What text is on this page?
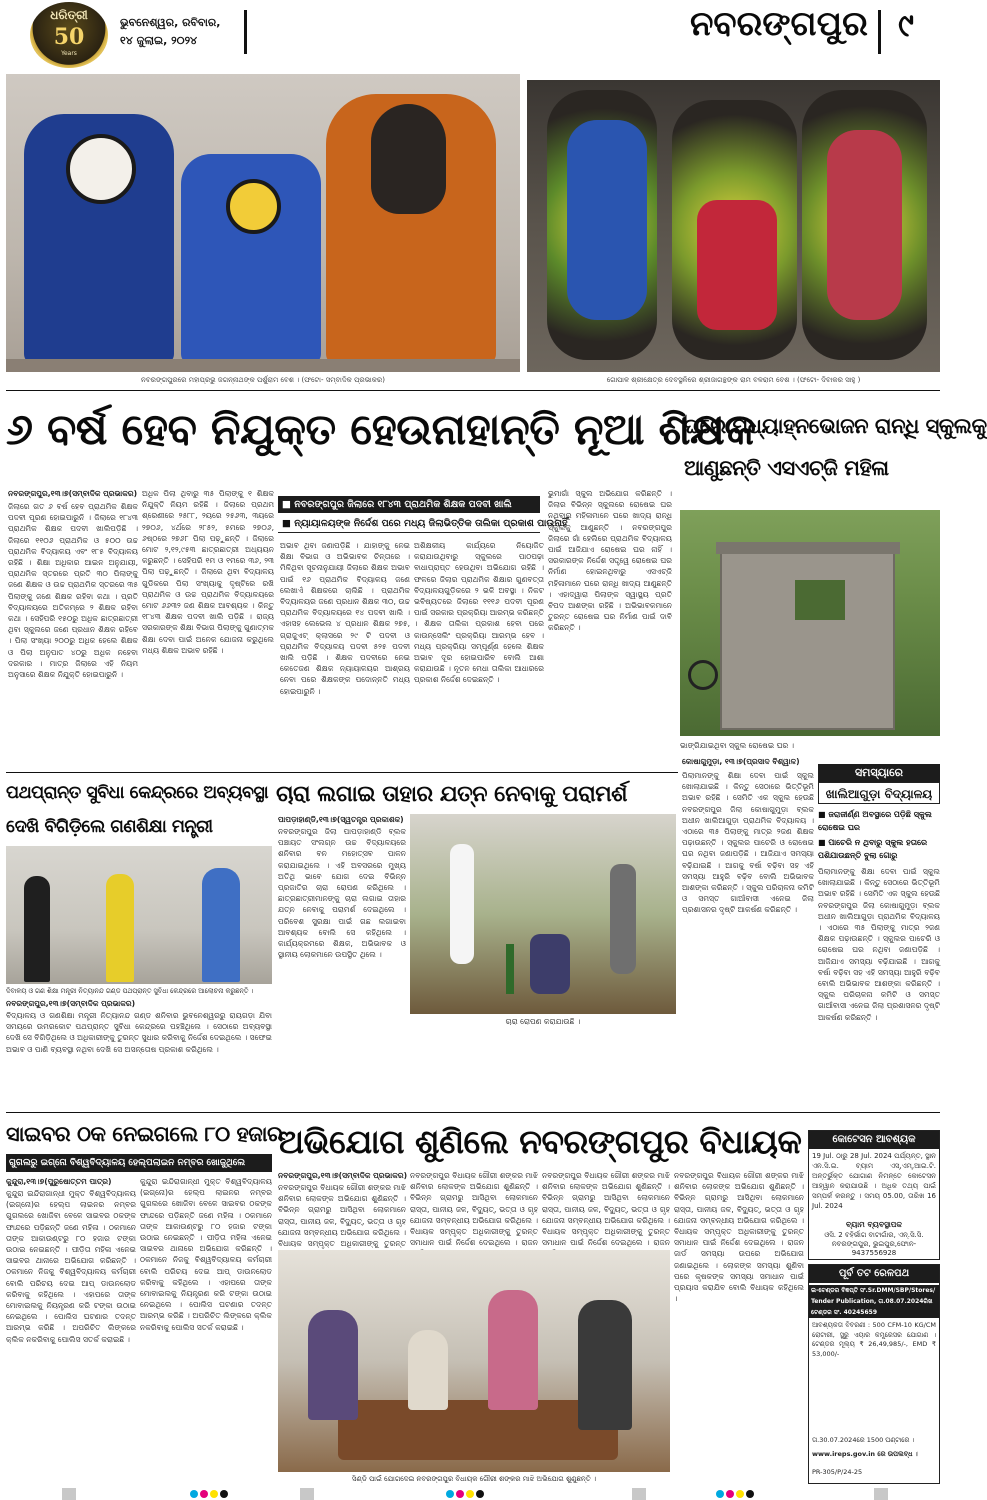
ଧରିତ୍ରୀ
50
Years
ଭୁବନେଶ୍ୱର, ରବିବାର,
୧୪ ଜୁଲାଇ, ୨୦୨୪	ନବରଙ୍ଗପୁର ୯
ନବରଙ୍ଗପୁରରେ ମହାପ୍ରଭୁ ଜଗନ୍ନାଥଙ୍କ ପର୍ଶୁରାମ ବେଶ । (ଫଟୋ- ସମ୍ବାଦିକ ପ୍ରଭାକର)	ଗୋପାଳ ଶ୍ରୀକ୍ଷେତ୍ର ଦେବସ୍ଥଳିରେ ଶ୍ରୀଜାଗନ୍ଥଙ୍କ ରାମ ବଳରାମ ବେଶ । (ଫଟୋ- ଦିବାକର ସାହୁ )
୬ ବର୍ଷ ହେବ ନିଯୁକ୍ତ ହେଉନାହାନ୍ତି ନୂଆ ଶିକ୍ଷକ
ଘରେ ମଧ୍ୟାହ୍ନଭୋଜନ ରାନ୍ଧି ସ୍କୁଲକୁ
ଆଣୁଛନ୍ତି ଏସଏଚ୍‌ଜି ମହିଳା
ନବରଙ୍ଗପୁର,୧୩।୭(ସମ୍ବାଦିକ ପ୍ରଭାକର)
ଜିଲାରେ ଗତ ୬ ବର୍ଷ ହେବ ପ୍ରାଥମିକ ଶିକ୍ଷକ ପଦବୀ ପୂରଣ ହୋଇପାରୁନି । ଜିଲାରେ ୧୮୪୩ ପ୍ରାଥମିକ ଶିକ୍ଷକ ପଦବୀ ଖାଲିପଡ଼ିଛି । ଜିଲାରେ ୧୧୦୬ ପ୍ରାଥମିକ ଓ ୫୦୦ ଉଚ୍ଚ ପ୍ରାଥମିକ ବିଦ୍ୟାଳୟ ଏବଂ ୧୮୫ ବିଦ୍ୟାଳୟ ରହିଛି । ଶିକ୍ଷା ଅଧିକାର ଆଇନ ଅନୁଯାୟୀ, ପ୍ରାଥମିକ ସ୍ତରରେ ପ୍ରତି ୩୦ ପିଲାଙ୍କୁ ଜଣେ ଶିକ୍ଷକ ଓ ଉଚ୍ଚ ପ୍ରାଥମିକ ସ୍ତରରେ ୩୫ ପିଲାଙ୍କୁ ଜଣେ ଶିକ୍ଷକ ରହିବା କଥା । ପ୍ରତି ବିଦ୍ୟାଳୟରେ ଅତିକମ୍‌ରେ ୨ ଶିକ୍ଷକ ରହିବା କଥା । ସେହିପରି ୧୫୦ରୁ ଅଧିକ ଛାତ୍ରଛାତ୍ରୀ ଥିବା ସ୍କୁଲରେ ଜଣେ ପ୍ରଧାନ ଶିକ୍ଷକ ରହିବେ । ପିଲା ସଂଖ୍ୟା ୨୦୦ରୁ ଅଧିକ ହେଲେ ଶିକ୍ଷକ ଓ ପିଲା ଅନୁପାତ ୪୦ରୁ ଅଧିକ ନହେବା ଦରକାର । ମାତ୍ର ଜିଲାରେ ଏହି ନିୟମ ଅନୁସାରେ ଶିକ୍ଷକ ନିଯୁକ୍ତି ହୋଇପାରୁନି ।
ଅଧିକ ପିଲା ଥିବାରୁ ୩୫ ପିଲାଙ୍କୁ ୧ ଶିକ୍ଷକ ନିଯୁକ୍ତି ନିୟମ ରହିଛି । ଜିଲାରେ ପ୍ରଥମ ଶ୍ରେଣୀରେ ୨୫୮୮, ୨ୟରେ ୨୫୬୩, ୩ୟରେ ୨୭୦୬, ୪ର୍ଥରେ ୨୮୫୨, ୫ମରେ ୨୭୦୬, ୬ଷ୍ଠରେ ୨୭୬୮ ପିଲା ପଢ଼ୁଛନ୍ତି । ଜିଲାରେ ମୋଟ ୨,୧୨,୯୫୩ ଛାତ୍ରଛାତ୍ରୀ ଅଧ୍ୟୟନ କରୁଛନ୍ତି । ସେହିପରି ୧ମ ଓ ୧ମରେ ୩୬, ୨୩ ପିଲା ପଢ଼ୁଛନ୍ତି । ଜିଲାରେ ଥିବା ବିଦ୍ୟାଳୟ ଗୁଡିକରେ ପିଲା ସଂଖ୍ୟାକୁ ଦୃଷ୍ଟିରେ ରଖି ପ୍ରାଥମିକ ଓ ଉଚ୍ଚ ପ୍ରାଥମିକ ବିଦ୍ୟାଳୟରେ ମୋଟ ୬୬୩୨ ଜଣ ଶିକ୍ଷକ ଆବଶ୍ୟକ । କିନ୍ତୁ ୧୮୪୩ ଶିକ୍ଷକ ପଦବୀ ଖାଲି ପଡ଼ିଛି । ରାଜ୍ୟ ସରକାରଙ୍କ ଶିକ୍ଷା ବିଭାଗ ପିଲାଙ୍କୁ ଗୁଣାତ୍ମକ ଶିକ୍ଷା ଦେବା ପାଇଁ ଅନେକ ଯୋଜନା କରୁଥିଲେ ମଧ୍ୟ ଶିକ୍ଷକ ଅଭାବ ରହିଛି ।
■ ନବରଙ୍ଗପୁର ଜିଲାରେ ୧୮୪୩ ପ୍ରାଥମିକ ଶିକ୍ଷକ ପଦବୀ ଖାଲି
■ ନ୍ୟାୟାଳୟଙ୍କ ନିର୍ଦ୍ଦେଶ ପରେ ମଧ୍ୟ ଜିଲାଭିତ୍ତିକ ତାଲିକା ପ୍ରକାଶ ପାଉନାହିଁ
ଅଭାବ ଥିବା ଜଣାପଡ଼ିଛି । ଯାହାଙ୍କୁ ନେଇ ଶିକ୍ଷା ବିଭାଗ ଓ ଅଭିଭାବକ ଚିନ୍ତାରେ । ମିଳିଥିବା ସୂଚନାନୁଯାୟୀ ଜିଲାରେ ଶିକ୍ଷକ ଅଭାବ ପାଇଁ ୧୬ ପ୍ରାଥମିକ ବିଦ୍ୟାଳୟ ଜଣେ ଲେଖାଏଁ ଶିକ୍ଷକରେ ଚାଲିଛି । ପ୍ରାଥମିକ ବିଦ୍ୟାଳୟର ଜଣେ ପ୍ରଧାନ ଶିକ୍ଷକ ୩୦, ଉଚ୍ଚ ପ୍ରାଥମିକ ବିଦ୍ୟାଳୟରେ ୧୪ ପଦବୀ ଖାଲି । ଏହାସହ ଲେଭେଲ ୪ ପ୍ରଧାନ ଶିକ୍ଷକ ୨୭୫, ଗ୍ରାଜୁଏଟ୍ କ୍ଲାସରେ ୨୯ ଟି ପଦବୀ ଓ ପ୍ରାଥମିକ ବିଦ୍ୟାଳୟ ପଦବୀ ୫୨୫ ପଦବୀ ଖାଲି ପଡ଼ିଛି । ଶିକ୍ଷକ ପଦବୀରେ ନେଇ କେତେଜଣ ଶିକ୍ଷକ ନ୍ୟାୟାଳୟର ଆଶ୍ରୟ ନେବା ପରେ ଶିକ୍ଷକଙ୍କ ପଦୋନ୍ନତି ମଧ୍ୟ ହୋଇପାରୁନି ।
ଅଶିକ୍ଷକୀୟ କାର୍ଯ୍ୟରେ ନିୟୋଜିତ କରାଯାଉଥିବାରୁ ସ୍କୁଲରେ ପାଠପଢ଼ା ବାଧାପ୍ରାପ୍ତ ହେଉଥିବା ଅଭିଯୋଗ ରହିଛି । ଫଳରେ ଜିଲାର ପ୍ରାଥମିକ ଶିକ୍ଷାର ଗୁଣବତ୍ତା ବିଦ୍ୟାଳୟଗୁଡ଼ିକରେ ୨ ଭଳି ଅବସ୍ଥା । ନିକଟ ଭବିଷ୍ୟତରେ ଜିଲାରେ ୧୧୧୬ ପଦବୀ ପୂରଣ ପାଇଁ ସରକାର ପ୍ରକ୍ରିୟା ଆରମ୍ଭ କରିଛନ୍ତି । ଶିକ୍ଷକ ତାଲିକା ପ୍ରକାଶ ହେବା ପରେ କାଉନ୍ସେଲିଂ ପ୍ରକ୍ରିୟା ଆରମ୍ଭ ହେବ । ମଧ୍ୟ ପ୍ରକ୍ରିୟା ସମ୍ପୂର୍ଣ୍ଣ ହେଲେ ଶିକ୍ଷକ ଅଭାବ ଦୂର ହୋଇପାରିବ ବୋଲି ଆଶା କରାଯାଉଛି । ନୂତନ ମେଧା ତାଲିକା ଆଧାରରେ ପ୍ରକାଶ ନିର୍ଦ୍ଦେଶ ଦେଇଛନ୍ତି ।
ଭୁମାଗାଁ ସ୍କୁଲ ଅଭିଯୋଗ କରିଛନ୍ତି । ଜିଲାର ବିଭିନ୍ନ ସ୍କୁଲରେ ରୋଷେଇ ଘର ନଥିବାରୁ ମହିଳାମାନେ ଘରେ ଖାଦ୍ୟ ରାନ୍ଧି ସ୍କୁଲକୁ ଆଣୁଛନ୍ତି । ନବରଙ୍ଗପୁର ଜିଲାରେ ଗାଁ ହେଲିରେ ପ୍ରାଥମିକ ବିଦ୍ୟାଳୟ ପାଇଁ ଆଜିଯାଏ ରୋଷେଇ ଘର ନାହିଁ । ସରକାରଙ୍କ ନିର୍ଦ୍ଦେଶ ସତ୍ତ୍ୱେ ରୋଷେଇ ଘର ନିର୍ମାଣ ହୋଇନଥିବାରୁ ଏସଏଚ୍‌ଜି ମହିଳାମାନେ ଘରେ ରାନ୍ଧି ଖାଦ୍ୟ ଆଣୁଛନ୍ତି । ଏହାଦ୍ୱାରା ପିଲାଙ୍କ ସ୍ୱାସ୍ଥ୍ୟ ପ୍ରତି ବିପଦ ଆଶଙ୍କା ରହିଛି । ଅଭିଭାବକମାନେ ତୁରନ୍ତ ରୋଷେଇ ଘର ନିର୍ମାଣ ପାଇଁ ଦାବି କରିଛନ୍ତି ।
ଭାଙ୍ଗିଯାଇଥିବା ସ୍କୁଲ ରୋଷେଇ ଘର ।
କୋଷାଗୁମୁଡ଼ା, ୧୩।୭(ପ୍ରସାଦ ବିଶ୍ୱାଳ)
ସମସ୍ୟାରେ
ଖାଲିଆଗୁଡ଼ା ବିଦ୍ୟାଳୟ
■ ଜରାଜୀର୍ଣ୍ଣ ଅବସ୍ଥାରେ ପଡ଼ିଛି ସ୍କୁଲ ରୋଷେଇ ଘର
■ ପାଚେରି ନ ଥିବାରୁ ସ୍କୁଲ ହତାରେ ପଶିଯାଉଛନ୍ତି ବୁଲା ଗୋରୁ
ପିଲାମାନଙ୍କୁ ଶିକ୍ଷା ଦେବା ପାଇଁ ସ୍କୁଲ ଖୋଲାଯାଇଛି । କିନ୍ତୁ ସେଠାରେ ଭିତ୍ତିଭୂମି ଅଭାବ ରହିଛି । ସେମିତି ଏକ ସ୍କୁଲ ହେଉଛି ନବରଙ୍ଗପୁର ଜିଲା କୋଷାଗୁମୁଡ଼ା ବ୍ଲକ ଅଧୀନ ଖାଲିଆଗୁଡ଼ା ପ୍ରାଥମିକ ବିଦ୍ୟାଳୟ । ଏଠାରେ ୩୫ ପିଲାଙ୍କୁ ମାତ୍ର ୨ଜଣ ଶିକ୍ଷକ ପଢ଼ାଉଛନ୍ତି । ସ୍କୁଲର ପାଚେରି ଓ ରୋଷେଇ ଘର ନଥିବା ଜଣାପଡ଼ିଛି । ଆଜିଯାଏ ସମସ୍ୟା ବଢ଼ିଯାଇଛି । ଆଗକୁ ବର୍ଷା ବଢ଼ିବା ସହ ଏହି ସମସ୍ୟା ଆହୁରି ବଢ଼ିବ ବୋଲି ଅଭିଭାବକ ଆଶଙ୍କା କରିଛନ୍ତି । ସ୍କୁଲ ପରିଚାଳନା କମିଟି ଓ ସମସ୍ତ ଗାଆଁବାସୀ ଏନେଇ ଜିଲା ପ୍ରଶାସନର ଦୃଷ୍ଟି ଆକର୍ଷଣ କରିଛନ୍ତି ।
ପିଲାମାନଙ୍କୁ ଶିକ୍ଷା ଦେବା ପାଇଁ ସ୍କୁଲ ଖୋଲାଯାଇଛି । କିନ୍ତୁ ସେଠାରେ ଭିତ୍ତିଭୂମି ଅଭାବ ରହିଛି । ସେମିତି ଏକ ସ୍କୁଲ ହେଉଛି ନବରଙ୍ଗପୁର ଜିଲା କୋଷାଗୁମୁଡ଼ା ବ୍ଲକ ଅଧୀନ ଖାଲିଆଗୁଡ଼ା ପ୍ରାଥମିକ ବିଦ୍ୟାଳୟ । ଏଠାରେ ୩୫ ପିଲାଙ୍କୁ ମାତ୍ର ୨ଜଣ ଶିକ୍ଷକ ପଢ଼ାଉଛନ୍ତି । ସ୍କୁଲର ପାଚେରି ଓ ରୋଷେଇ ଘର ନଥିବା ଜଣାପଡ଼ିଛି । ଆଜିଯାଏ ସମସ୍ୟା ବଢ଼ିଯାଇଛି । ଆଗକୁ ବର୍ଷା ବଢ଼ିବା ସହ ଏହି ସମସ୍ୟା ଆହୁରି ବଢ଼ିବ ବୋଲି ଅଭିଭାବକ ଆଶଙ୍କା କରିଛନ୍ତି । ସ୍କୁଲ ପରିଚାଳନା କମିଟି ଓ ସମସ୍ତ ଗାଆଁବାସୀ ଏନେଇ ଜିଲା ପ୍ରଶାସନର ଦୃଷ୍ଟି ଆକର୍ଷଣ କରିଛନ୍ତି ।
ପଥପ୍ରାନ୍ତ ସୁବିଧା କେନ୍ଦ୍ରରେ ଅବ୍ୟବସ୍ଥା
ଦେଖି ବିଗିଡ଼ିଲେ ଗଣଶିକ୍ଷା ମନ୍ତ୍ରୀ
ଦିବାଳୟ ଓ ଗଣ ଶିକ୍ଷା ମନ୍ତ୍ରୀ ନିତ୍ୟାନନ୍ଦ ଗଣ୍ଡ ପଥପ୍ରାନ୍ତ ସୁବିଧା କେନ୍ଦ୍ରରେ ଆଲୋଚନା କରୁଛନ୍ତି ।
ନବରଙ୍ଗପୁର,୧୩।୭(ସମ୍ବାଦିକ ପ୍ରଭାକର)
ବିଦ୍ୟାଳୟ ଓ ଗଣଶିକ୍ଷା ମନ୍ତ୍ରୀ ନିତ୍ୟାନନ୍ଦ ଗଣ୍ଡ ଶନିବାର ଭୁବନେଶ୍ୱରରୁ ରାୟଗଡ଼ା ଯିବା ସମୟରେ ଉମରକୋଟ ପଥପ୍ରାନ୍ତ ସୁବିଧା କେନ୍ଦ୍ରରେ ପହଞ୍ଚିଥିଲେ । ସେଠାରେ ଅବ୍ୟବସ୍ଥା ଦେଖି ସେ ବିଗିଡ଼ିଥିଲେ ଓ ଅଧିକାରୀଙ୍କୁ ତୁରନ୍ତ ସୁଧାର କରିବାକୁ ନିର୍ଦ୍ଦେଶ ଦେଇଥିଲେ । ସଫେଇ ଅଭାବ ଓ ପାଣି ବ୍ୟବସ୍ଥା ନଥିବା ଦେଖି ସେ ଅସନ୍ତୋଷ ପ୍ରକାଶ କରିଥିଲେ ।
ଚାରା ଲଗାଇ ତାହାର ଯତ୍ନ ନେବାକୁ ପରାମର୍ଶ
ପାପଡ଼ାହାଣ୍ଡି,୧୩।୭(ସ୍ୱତନ୍ତ୍ର ପ୍ରକାଶକ)
ନବରଙ୍ଗପୁର ଜିଲା ପାପଡ଼ାହାଣ୍ଡି ବ୍ଲକ ପଞ୍ଚାୟତ ସଂଲଗ୍ନ ଉଚ୍ଚ ବିଦ୍ୟାଳୟରେ ଶନିବାର ବନ ମହୋତ୍ସବ ପାଳନ କରାଯାଇଥିଲେ । ଏହି ଅବସରରେ ମୁଖ୍ୟ ଅତିଥି ଭାବେ ଯୋଗ ଦେଇ ବିଭିନ୍ନ ପ୍ରଜାତିର ଚାରା ରୋପଣ କରିଥିଲେ । ଛାତ୍ରଛାତ୍ରୀମାନଙ୍କୁ ଚାରା ଲଗାଇ ତାହାର ଯତ୍ନ ନେବାକୁ ପରାମର୍ଶ ଦେଇଥିଲେ । ପରିବେଶ ସୁରକ୍ଷା ପାଇଁ ଗଛ ଲଗାଇବା ଆବଶ୍ୟକ ବୋଲି ସେ କହିଥିଲେ । କାର୍ଯ୍ୟକ୍ରମରେ ଶିକ୍ଷକ, ଅଭିଭାବକ ଓ ସ୍ଥାନୀୟ ଲୋକମାନେ ଉପସ୍ଥିତ ଥିଲେ ।
ଚାରା ରୋପଣ କରାଯାଉଛି ।
ସାଇବର ଠକ ନେଇଗଲେ ୮୦ ହଜାର
ଗୁଗଲରୁ ଇଗ୍ନୋ ବିଶ୍ୱବିଦ୍ୟାଳୟ ହେଲ୍ପଲାଇନ ନମ୍ବର ଖୋଜୁଥିଲେ
କୁନ୍ଦୁରା,୧୩।୭(ପୁରୁଷୋତ୍ତମ ପାତ୍ର)
କୁନ୍ଦୁରା ଇନ୍ଦିରାଗାନ୍ଧୀ ମୁକ୍ତ ବିଶ୍ୱବିଦ୍ୟାଳୟ (ଇଗ୍ନୋ)ର ହେଲ୍ପ ଲାଇନର ନମ୍ବର ଗୁଗଲରେ ଖୋଜିବା ବେଳେ ସାଇବର ଠକଙ୍କ ଫାନ୍ଦରେ ପଡ଼ିଛନ୍ତି ଜଣେ ମହିଳା । ଠକମାନେ ତାଙ୍କ ଆକାଉଣ୍ଟରୁ ୮୦ ହଜାର ଟଙ୍କା ଉଠାଇ ନେଇଛନ୍ତି । ପୀଡ଼ିତା ମହିଳା ଏନେଇ ସାଇବର ଥାନାରେ ଅଭିଯୋଗ କରିଛନ୍ତି । ଠକମାନେ ନିଜକୁ ବିଶ୍ୱବିଦ୍ୟାଳୟ କର୍ମଚାରୀ ବୋଲି ପରିଚୟ ଦେଇ ଆପ୍ ଡାଉନଲୋଡ କରିବାକୁ କହିଥିଲେ । ଏହାପରେ ତାଙ୍କ ମୋବାଇଲକୁ ନିୟନ୍ତ୍ରଣ କରି ଟଙ୍କା ଉଠାଇ ନେଇଥିଲେ । ପୋଲିସ ଘଟଣାର ତଦନ୍ତ ଆରମ୍ଭ କରିଛି । ଅପରିଚିତ ଲିଙ୍କରେ କ୍ଲିକ ନକରିବାକୁ ପୋଲିସ ସତର୍କ କରାଇଛି ।
କୁନ୍ଦୁରା ଇନ୍ଦିରାଗାନ୍ଧୀ ମୁକ୍ତ ବିଶ୍ୱବିଦ୍ୟାଳୟ (ଇଗ୍ନୋ)ର ହେଲ୍ପ ଲାଇନର ନମ୍ବର ଗୁଗଲରେ ଖୋଜିବା ବେଳେ ସାଇବର ଠକଙ୍କ ଫାନ୍ଦରେ ପଡ଼ିଛନ୍ତି ଜଣେ ମହିଳା । ଠକମାନେ ତାଙ୍କ ଆକାଉଣ୍ଟରୁ ୮୦ ହଜାର ଟଙ୍କା ଉଠାଇ ନେଇଛନ୍ତି । ପୀଡ଼ିତା ମହିଳା ଏନେଇ ସାଇବର ଥାନାରେ ଅଭିଯୋଗ କରିଛନ୍ତି । ଠକମାନେ ନିଜକୁ ବିଶ୍ୱବିଦ୍ୟାଳୟ କର୍ମଚାରୀ ବୋଲି ପରିଚୟ ଦେଇ ଆପ୍ ଡାଉନଲୋଡ କରିବାକୁ କହିଥିଲେ । ଏହାପରେ ତାଙ୍କ ମୋବାଇଲକୁ ନିୟନ୍ତ୍ରଣ କରି ଟଙ୍କା ଉଠାଇ ନେଇଥିଲେ । ପୋଲିସ ଘଟଣାର ତଦନ୍ତ ଆରମ୍ଭ କରିଛି । ଅପରିଚିତ ଲିଙ୍କରେ କ୍ଲିକ ନକରିବାକୁ ପୋଲିସ ସତର୍କ କରାଇଛି ।
ଅଭିଯୋଗ ଶୁଣିଲେ ନବରଙ୍ଗପୁର ବିଧାୟକ
ନବରଙ୍ଗପୁର,୧୩।୭(ସମ୍ବାଦିକ ପ୍ରଭାକର)
ନବରଙ୍ଗପୁର ବିଧାୟକ ଗୌରୀ ଶଙ୍କର ମାଝି ଶନିବାର ଲୋକଙ୍କ ଅଭିଯୋଗ ଶୁଣିଛନ୍ତି । ବିଭିନ୍ନ ଗ୍ରାମରୁ ଆସିଥିବା ଲୋକମାନେ ରାସ୍ତା, ପାନୀୟ ଜଳ, ବିଦ୍ୟୁତ୍, ଭତ୍ତା ଓ ଗୃହ ଯୋଜନା ସମ୍ବନ୍ଧୀୟ ଅଭିଯୋଗ କରିଥିଲେ । ବିଧାୟକ ସମ୍ପୃକ୍ତ ଅଧିକାରୀଙ୍କୁ ତୁରନ୍ତ
ନବରଙ୍ଗପୁର ବିଧାୟକ ଗୌରୀ ଶଙ୍କର ମାଝି ଶନିବାର ଲୋକଙ୍କ ଅଭିଯୋଗ ଶୁଣିଛନ୍ତି । ବିଭିନ୍ନ ଗ୍ରାମରୁ ଆସିଥିବା ଲୋକମାନେ ରାସ୍ତା, ପାନୀୟ ଜଳ, ବିଦ୍ୟୁତ୍, ଭତ୍ତା ଓ ଗୃହ ଯୋଜନା ସମ୍ବନ୍ଧୀୟ ଅଭିଯୋଗ କରିଥିଲେ । ବିଧାୟକ ସମ୍ପୃକ୍ତ ଅଧିକାରୀଙ୍କୁ ତୁରନ୍ତ ସମାଧାନ ପାଇଁ ନିର୍ଦ୍ଦେଶ ଦେଇଥିଲେ । ରାଜନ
ନବରଙ୍ଗପୁର ବିଧାୟକ ଗୌରୀ ଶଙ୍କର ମାଝି ଶନିବାର ଲୋକଙ୍କ ଅଭିଯୋଗ ଶୁଣିଛନ୍ତି । ବିଭିନ୍ନ ଗ୍ରାମରୁ ଆସିଥିବା ଲୋକମାନେ ରାସ୍ତା, ପାନୀୟ ଜଳ, ବିଦ୍ୟୁତ୍, ଭତ୍ତା ଓ ଗୃହ ଯୋଜନା ସମ୍ବନ୍ଧୀୟ ଅଭିଯୋଗ କରିଥିଲେ । ବିଧାୟକ ସମ୍ପୃକ୍ତ ଅଧିକାରୀଙ୍କୁ ତୁରନ୍ତ ସମାଧାନ ପାଇଁ ନିର୍ଦ୍ଦେଶ ଦେଇଥିଲେ । ରାଜନ
ନବରଙ୍ଗପୁର ବିଧାୟକ ଗୌରୀ ଶଙ୍କର ମାଝି ଶନିବାର ଲୋକଙ୍କ ଅଭିଯୋଗ ଶୁଣିଛନ୍ତି । ବିଭିନ୍ନ ଗ୍ରାମରୁ ଆସିଥିବା ଲୋକମାନେ ରାସ୍ତା, ପାନୀୟ ଜଳ, ବିଦ୍ୟୁତ୍, ଭତ୍ତା ଓ ଗୃହ ଯୋଜନା ସମ୍ବନ୍ଧୀୟ ଅଭିଯୋଗ କରିଥିଲେ । ବିଧାୟକ ସମ୍ପୃକ୍ତ ଅଧିକାରୀଙ୍କୁ ତୁରନ୍ତ ସମାଧାନ ପାଇଁ ନିର୍ଦ୍ଦେଶ ଦେଇଥିଲେ । ରାଜନ ଜାର୍ଡ ସମସ୍ୟା ଉପରେ ଅଭିଯୋଗ ଜଣାଇଥିଲେ । ଲୋକଙ୍କ ସମସ୍ୟା ଶୁଣିବା ପରେ କୃଷକଙ୍କ ସମସ୍ୟା ସମାଧାନ ପାଇଁ ପ୍ରୟାସ କରାଯିବ ବୋଲି ବିଧାୟକ କହିଥିଲେ ।
ସିଣ୍ଡି ପାଇଁ ଯୋଗଦେଇ ନବରଙ୍ଗପୁର ବିଧାୟକ ଗୌରୀ ଶଙ୍କର ମାଝି ଅଭିଯୋଗ ଶୁଣୁଛନ୍ତି ।
କୋଟେସନ ଆବଶ୍ୟକ
19 Jul. ଠାରୁ 28 Jul. 2024 ପର୍ଯ୍ୟନ୍ତ, ସ୍ଥାନ ଏନ.ସି.ଇ. ବ୍ୟାମ ଏସ୍,ଏମ୍,ଆଇ.ଟି. ଅନ୍ତର୍ଭୁକ୍ତ ଯୋଗାଣ ନିମନ୍ତେ କୋଟେସନ ଆହ୍ୱାନ କରାଯାଉଛି । ଅଧିକ ତଥ୍ୟ ପାଇଁ ସମ୍ପର୍କ କରନ୍ତୁ । ସମୟ 05.00, ତାରିଖ 16 Jul. 2024
ବ୍ୟାମ ବ୍ୟବସ୍ଥାପକ
ଓସି. 2 ବହିର୍ଭାଗ ବାଟାଗାଁର, ଏନ୍.ସି.ସି. ନବରଙ୍ଗପୁର, ଭୁଇପୁର,ଫୋନ- 9437556928
ପୂର୍ବ ତଟ ରେଳପଥ
ଇ-ଟେଣ୍ଡର ବିଜ୍ଞପ୍ତି ସଂ.Sr.DMM/SBP/Stores/
Tender Publication, ତା.08.07.2024ରିଖ
ଟେଣ୍ଡର ସଂ. 40245659
ଆବଶ୍ୟକତା ବିବରଣୀ : 500 CFM-10 KG/CM ରୋଟାରୀ, ସ୍କ୍ରୁ ଏୟାର କମ୍ପ୍ରେସର ଯୋଗାଣ । ଟେଣ୍ଡର ମୂଲ୍ୟ ₹ 26,49,985/-, EMD ₹ 53,000/-
ତା.30.07.2024ରେ 1500 ଘଣ୍ଟାରେ ।
www.ireps.gov.in ରେ ଉପଲବ୍ଧ ।
PR-305/P/24-25
